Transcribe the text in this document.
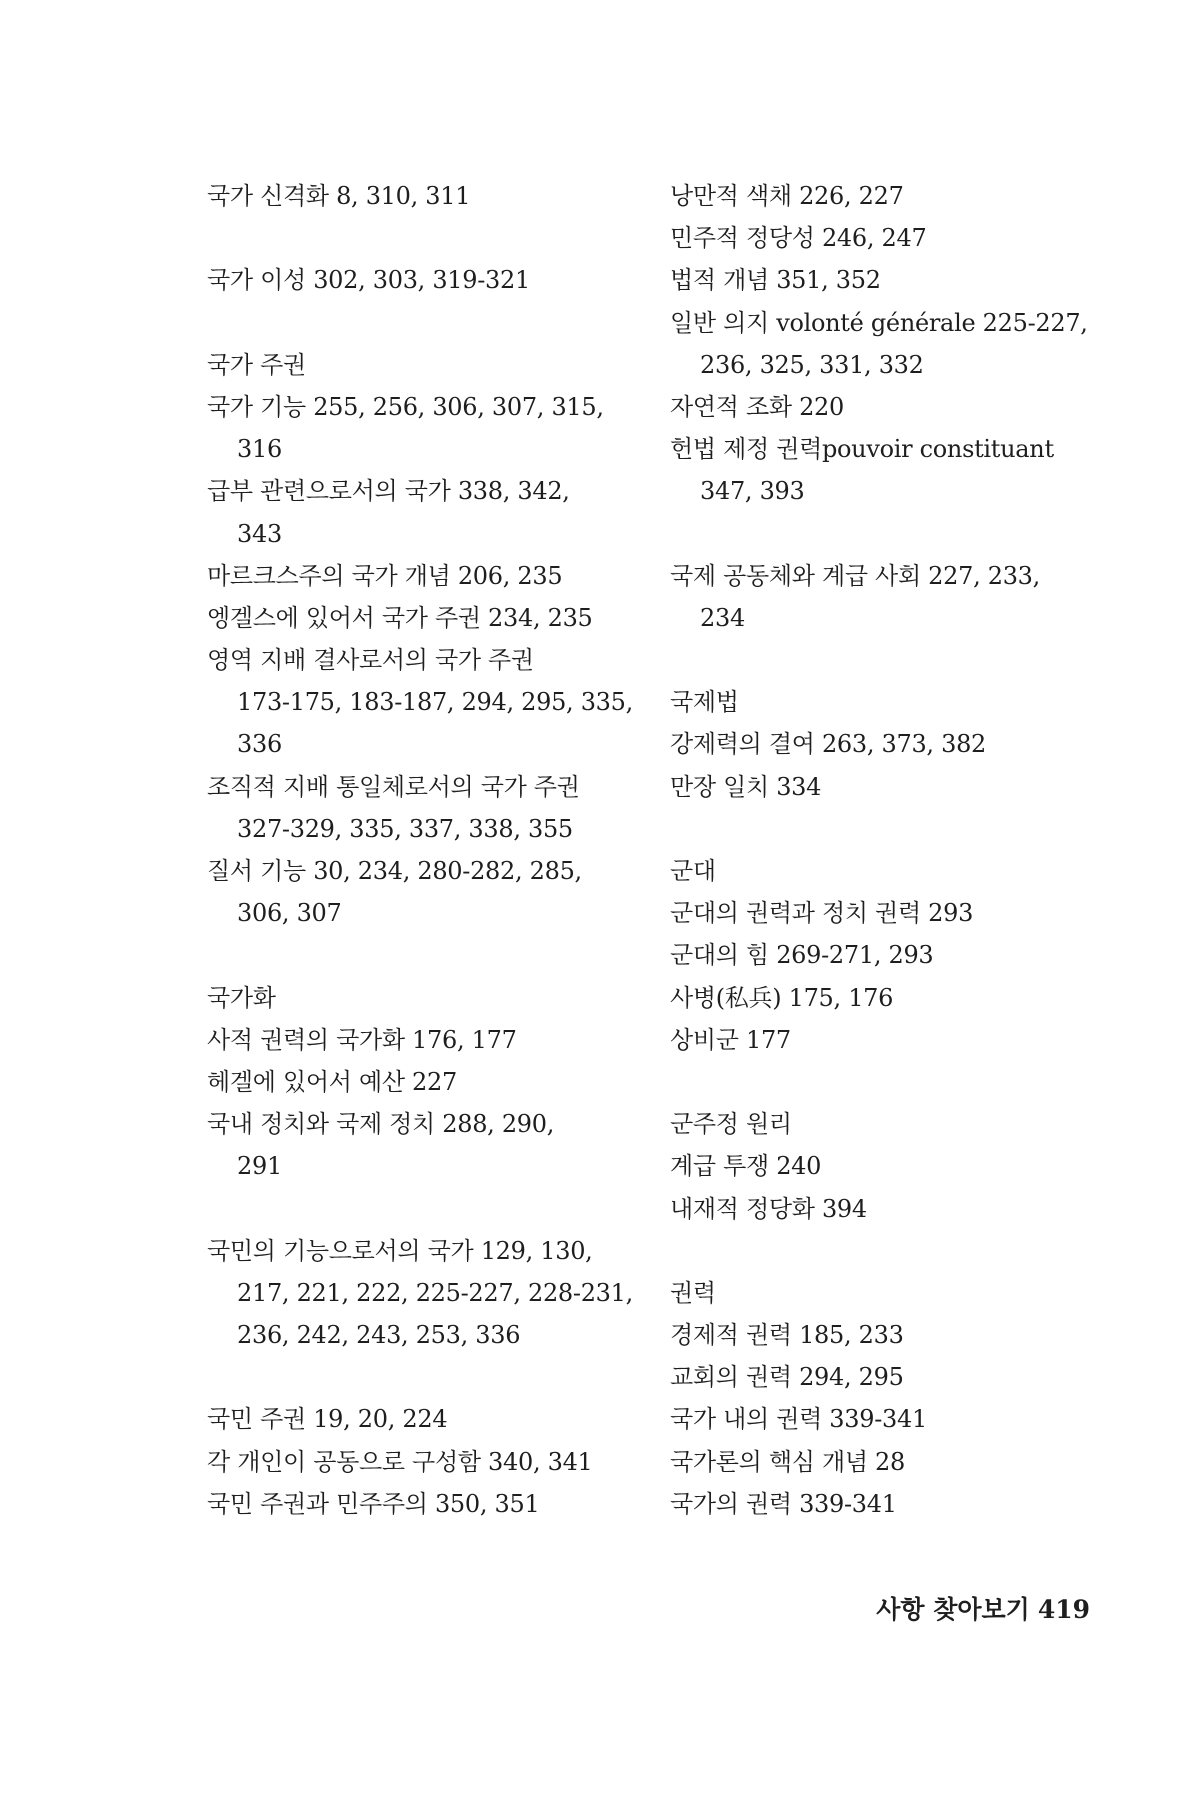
국가 신격화 8, 310, 311
국가 이성 302, 303, 319-321
국가 주권
국가 기능 255, 256, 306, 307, 315,
316
급부 관련으로서의 국가 338, 342,
343
마르크스주의 국가 개념 206, 235
엥겔스에 있어서 국가 주권 234, 235
영역 지배 결사로서의 국가 주권
173-175, 183-187, 294, 295, 335,
336
조직적 지배 통일체로서의 국가 주권
327-329, 335, 337, 338, 355
질서 기능 30, 234, 280-282, 285,
306, 307
국가화
사적 권력의 국가화 176, 177
헤겔에 있어서 예산 227
국내 정치와 국제 정치 288, 290,
291
국민의 기능으로서의 국가 129, 130,
217, 221, 222, 225-227, 228-231,
236, 242, 243, 253, 336
국민 주권 19, 20, 224
각 개인이 공동으로 구성함 340, 341
국민 주권과 민주주의 350, 351
낭만적 색채 226, 227
민주적 정당성 246, 247
법적 개념 351, 352
일반 의지 volonté générale 225-227,
236, 325, 331, 332
자연적 조화 220
헌법 제정 권력pouvoir constituant
347, 393
국제 공동체와 계급 사회 227, 233,
234
국제법
강제력의 결여 263, 373, 382
만장 일치 334
군대
군대의 권력과 정치 권력 293
군대의 힘 269-271, 293
사병(私兵) 175, 176
상비군 177
군주정 원리
계급 투쟁 240
내재적 정당화 394
권력
경제적 권력 185, 233
교회의 권력 294, 295
국가 내의 권력 339-341
국가론의 핵심 개념 28
국가의 권력 339-341
사항 찾아보기 419
